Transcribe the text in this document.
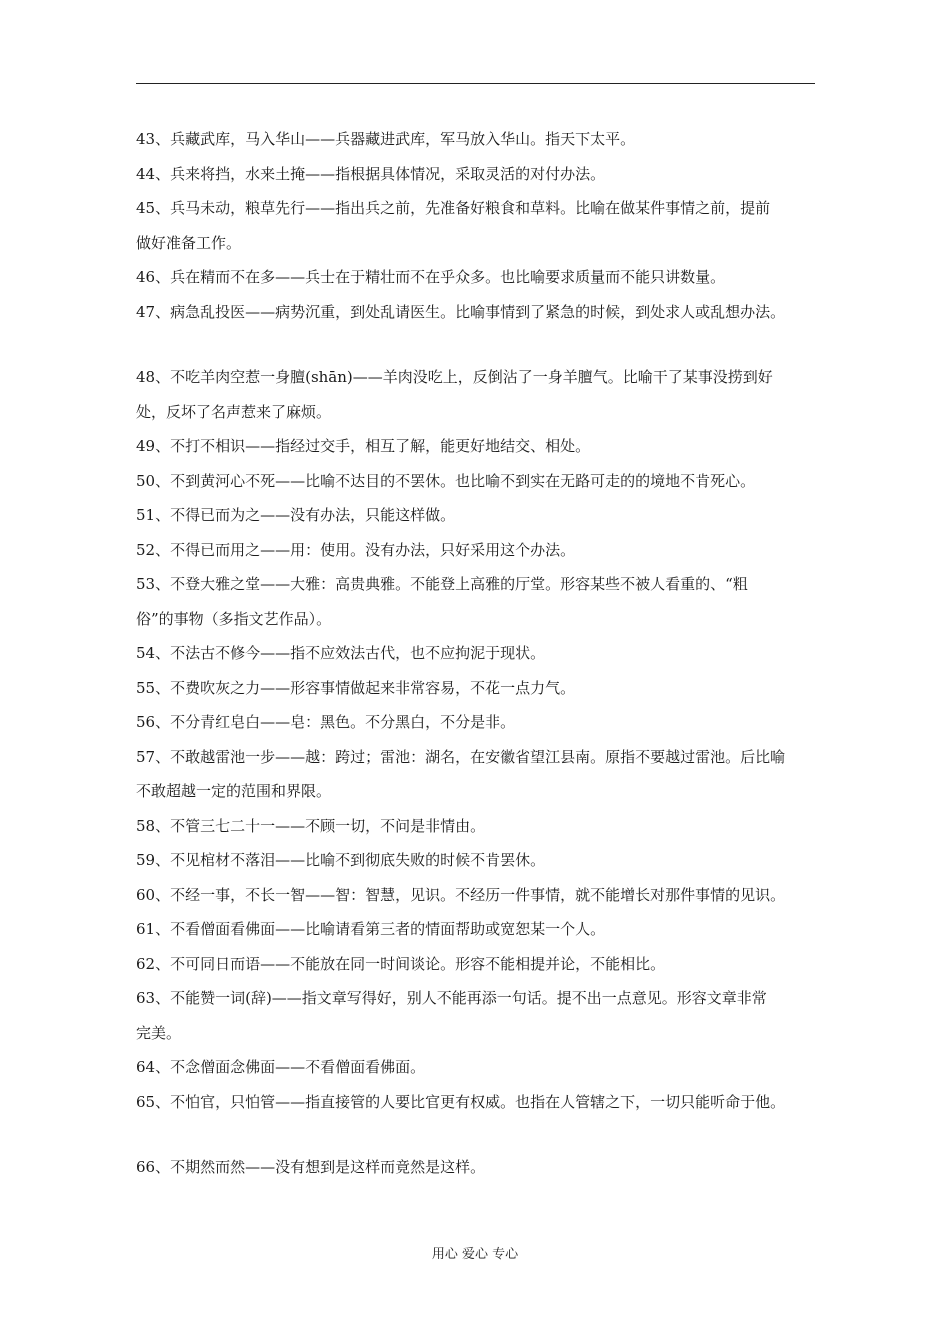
43、兵藏武库，马入华山——兵器藏进武库，军马放入华山。指天下太平。

44、兵来将挡，水来土掩——指根据具体情况，采取灵活的对付办法。

45、兵马未动，粮草先行——指出兵之前，先准备好粮食和草料。比喻在做某件事情之前，提前
做好准备工作。

46、兵在精而不在多——兵士在于精壮而不在乎众多。也比喻要求质量而不能只讲数量。

47、病急乱投医——病势沉重，到处乱请医生。比喻事情到了紧急的时候，到处求人或乱想办法。

48、不吃羊肉空惹一身膻(shān)——羊肉没吃上，反倒沾了一身羊膻气。比喻干了某事没捞到好
处，反坏了名声惹来了麻烦。

49、不打不相识——指经过交手，相互了解，能更好地结交、相处。

50、不到黄河心不死——比喻不达目的不罢休。也比喻不到实在无路可走的的境地不肯死心。

51、不得已而为之——没有办法，只能这样做。

52、不得已而用之——用：使用。没有办法，只好采用这个办法。

53、不登大雅之堂——大雅：高贵典雅。不能登上高雅的厅堂。形容某些不被人看重的、“粗
俗”的事物（多指文艺作品）。

54、不法古不修今——指不应效法古代，也不应拘泥于现状。

55、不费吹灰之力——形容事情做起来非常容易，不花一点力气。

56、不分青红皂白——皂：黑色。不分黑白，不分是非。

57、不敢越雷池一步——越：跨过；雷池：湖名，在安徽省望江县南。原指不要越过雷池。后比喻
不敢超越一定的范围和界限。

58、不管三七二十一——不顾一切，不问是非情由。

59、不见棺材不落泪——比喻不到彻底失败的时候不肯罢休。

60、不经一事，不长一智——智：智慧，见识。不经历一件事情，就不能增长对那件事情的见识。

61、不看僧面看佛面——比喻请看第三者的情面帮助或宽恕某一个人。

62、不可同日而语——不能放在同一时间谈论。形容不能相提并论，不能相比。

63、不能赞一词(辞)——指文章写得好，别人不能再添一句话。提不出一点意见。形容文章非常
完美。

64、不念僧面念佛面——不看僧面看佛面。

65、不怕官，只怕管——指直接管的人要比官更有权威。也指在人管辖之下，一切只能听命于他。

66、不期然而然——没有想到是这样而竟然是这样。

用心 爱心 专心
